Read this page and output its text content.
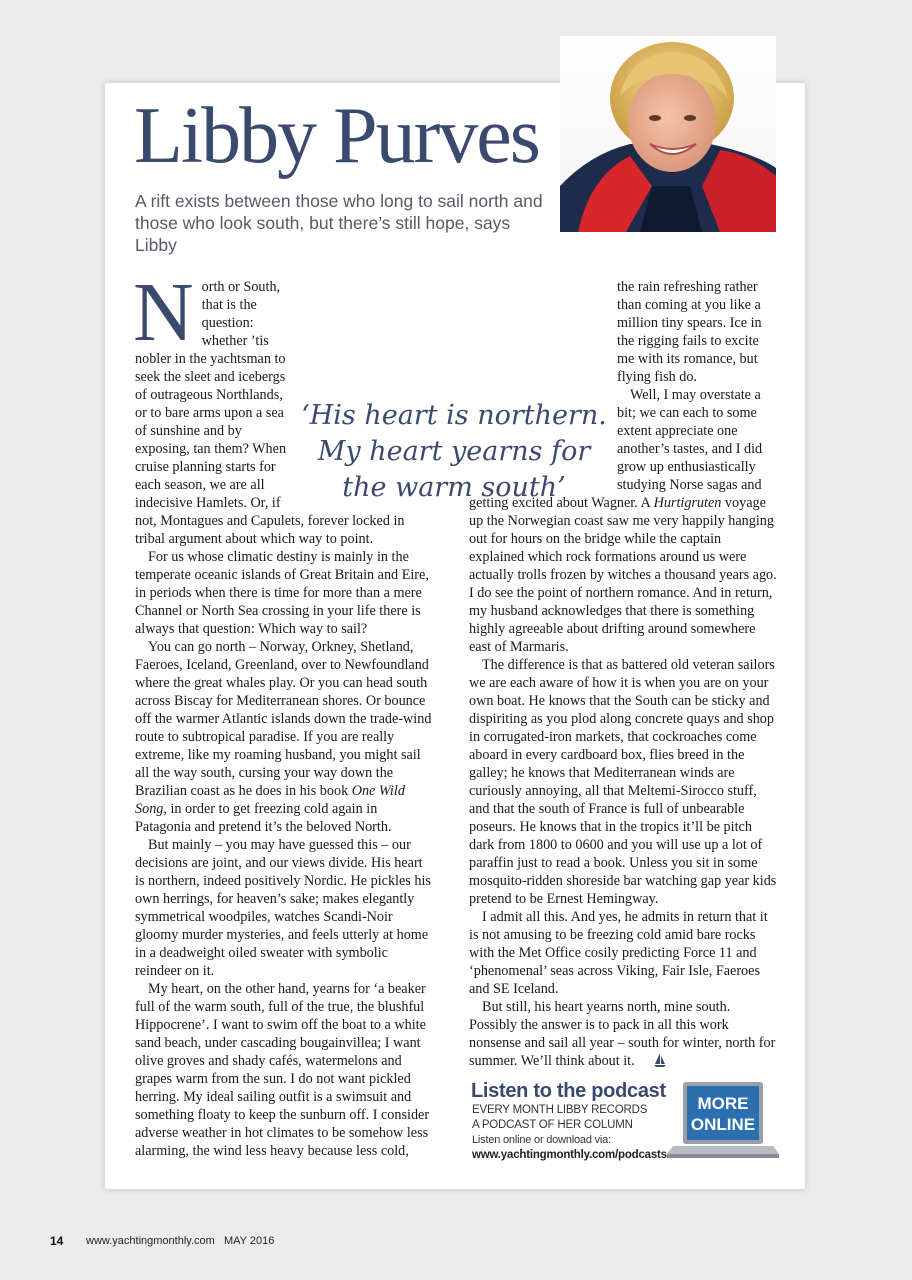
Libby Purves
A rift exists between those who long to sail north and those who look south, but there’s still hope, says Libby

North or South, that is the question: whether ’tis nobler in the yachtsman to seek the sleet and icebergs of outrageous Northlands, or to bare arms upon a sea of sunshine and by exposing, tan them? When cruise planning starts for each season, we are all indecisive Hamlets. Or, if not, Montagues and Capulets, forever locked in tribal argument about which way to point.

For us whose climatic destiny is mainly in the temperate oceanic islands of Great Britain and Eire, in periods when there is time for more than a mere Channel or North Sea crossing in your life there is always that question: Which way to sail?

You can go north – Norway, Orkney, Shetland, Faeroes, Iceland, Greenland, over to Newfoundland where the great whales play. Or you can head south across Biscay for Mediterranean shores. Or bounce off the warmer Atlantic islands down the trade-wind route to subtropical paradise. If you are really extreme, like my roaming husband, you might sail all the way south, cursing your way down the Brazilian coast as he does in his book One Wild Song, in order to get freezing cold again in Patagonia and pretend it’s the beloved North.

But mainly – you may have guessed this – our decisions are joint, and our views divide. His heart is northern, indeed positively Nordic. He pickles his own herrings, for heaven’s sake; makes elegantly symmetrical woodpiles, watches Scandi-Noir gloomy murder mysteries, and feels utterly at home in a deadweight oiled sweater with symbolic reindeer on it.

My heart, on the other hand, yearns for ‘a beaker full of the warm south, full of the true, the blushful Hippocrene’. I want to swim off the boat to a white sand beach, under cascading bougainvillea; I want olive groves and shady cafés, watermelons and grapes warm from the sun. I do not want pickled herring. My ideal sailing outfit is a swimsuit and something floaty to keep the sunburn off. I consider adverse weather in hot climates to be somehow less alarming, the wind less heavy because less cold,

the rain refreshing rather than coming at you like a million tiny spears. Ice in the rigging fails to excite me with its romance, but flying fish do.

Well, I may overstate a bit; we can each to some extent appreciate one another’s tastes, and I did grow up enthusiastically studying Norse sagas and getting excited about Wagner. A Hurtigruten voyage up the Norwegian coast saw me very happily hanging out for hours on the bridge while the captain explained which rock formations around us were actually trolls frozen by witches a thousand years ago. I do see the point of northern romance. And in return, my husband acknowledges that there is something highly agreeable about drifting around somewhere east of Marmaris.

The difference is that as battered old veteran sailors we are each aware of how it is when you are on your own boat. He knows that the South can be sticky and dispiriting as you plod along concrete quays and shop in corrugated-iron markets, that cockroaches come aboard in every cardboard box, flies breed in the galley; he knows that Mediterranean winds are curiously annoying, all that Meltemi-Sirocco stuff, and that the south of France is full of unbearable poseurs. He knows that in the tropics it’ll be pitch dark from 1800 to 0600 and you will use up a lot of paraffin just to read a book. Unless you sit in some mosquito-ridden shoreside bar watching gap year kids pretend to be Ernest Hemingway.

I admit all this. And yes, he admits in return that it is not amusing to be freezing cold amid bare rocks with the Met Office cosily predicting Force 11 and ‘phenomenal’ seas across Viking, Fair Isle, Faeroes and SE Iceland.

But still, his heart yearns north, mine south. Possibly the answer is to pack in all this work nonsense and sail all year – south for winter, north for summer. We’ll think about it.

‘His heart is northern.
My heart yearns for
the warm south’
Listen to the podcast
EVERY MONTH LIBBY RECORDS
A PODCAST OF HER COLUMN
Listen online or download via:
www.yachtingmonthly.com/podcasts
MORE
ONLINE
14 www.yachtingmonthly.com MAY 2016
